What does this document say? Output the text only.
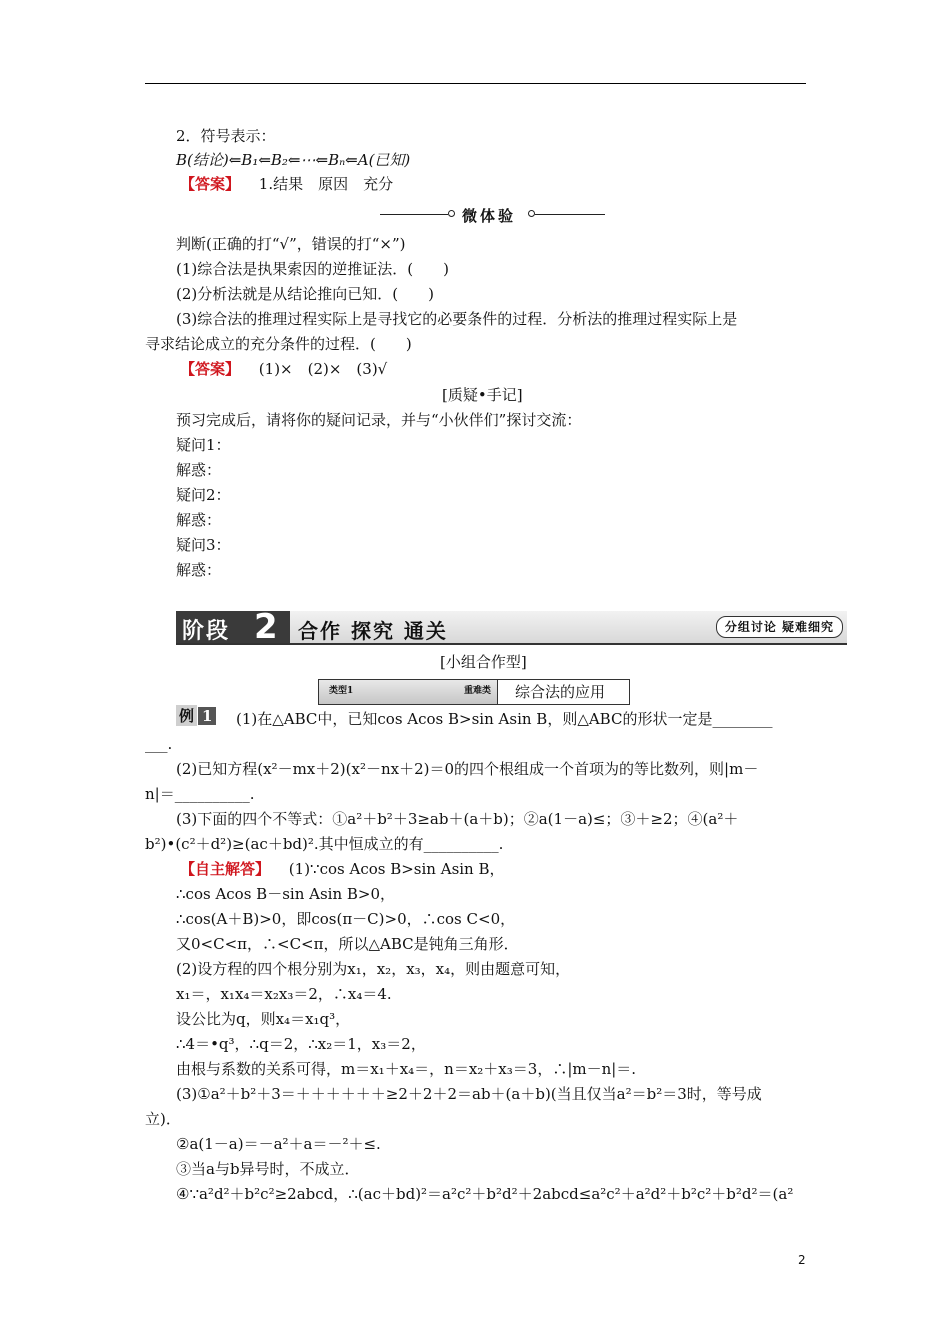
2．符号表示：
B(结论)⇐B₁⇐B₂⇐⋯⇐Bₙ⇐A(已知)
【答案】 1.结果　原因　充分
微体验
判断(正确的打“√”，错误的打“×”)
(1)综合法是执果索因的逆推证法．(　　)
(2)分析法就是从结论推向已知．(　　)
(3)综合法的推理过程实际上是寻找它的必要条件的过程．分析法的推理过程实际上是
寻求结论成立的充分条件的过程．(　　)
【答案】 (1)×　(2)×　(3)√
[质疑•手记]
预习完成后，请将你的疑问记录，并与“小伙伴们”探讨交流：
疑问1：
解惑：
疑问2：
解惑：
疑问3：
解惑：
阶段 2 合作 探究 通关	分组讨论 疑难细究
[小组合作型]
类型1	重难类 综合法的应用
例 1 (1)在△ABC中，已知cos Acos B>sin Asin B，则△ABC的形状一定是________
___.
(2)已知方程(x²－mx＋2)(x²－nx＋2)＝0的四个根组成一个首项为的等比数列，则|m－
n|＝__________.
(3)下面的四个不等式：①a²＋b²＋3≥ab＋(a＋b)；②a(1－a)≤；③＋≥2；④(a²＋
b²)•(c²＋d²)≥(ac＋bd)².其中恒成立的有__________.
【自主解答】 (1)∵cos Acos B>sin Asin B，
∴cos Acos B－sin Asin B>0，
∴cos(A＋B)>0，即cos(π－C)>0，∴cos C<0，
又0<C<π，∴<C<π，所以△ABC是钝角三角形．
(2)设方程的四个根分别为x₁，x₂，x₃，x₄，则由题意可知，
x₁＝，x₁x₄＝x₂x₃＝2，∴x₄＝4.
设公比为q，则x₄＝x₁q³，
∴4＝•q³，∴q＝2，∴x₂＝1，x₃＝2，
由根与系数的关系可得，m＝x₁＋x₄＝，n＝x₂＋x₃＝3，∴|m－n|＝.
(3)①a²＋b²＋3＝＋＋＋＋＋＋≥2＋2＋2＝ab＋(a＋b)(当且仅当a²＝b²＝3时，等号成
立)．
②a(1－a)＝－a²＋a＝－²＋≤.
③当a与b异号时，不成立．
④∵a²d²＋b²c²≥2abcd，∴(ac＋bd)²＝a²c²＋b²d²＋2abcd≤a²c²＋a²d²＋b²c²＋b²d²＝(a²
2
